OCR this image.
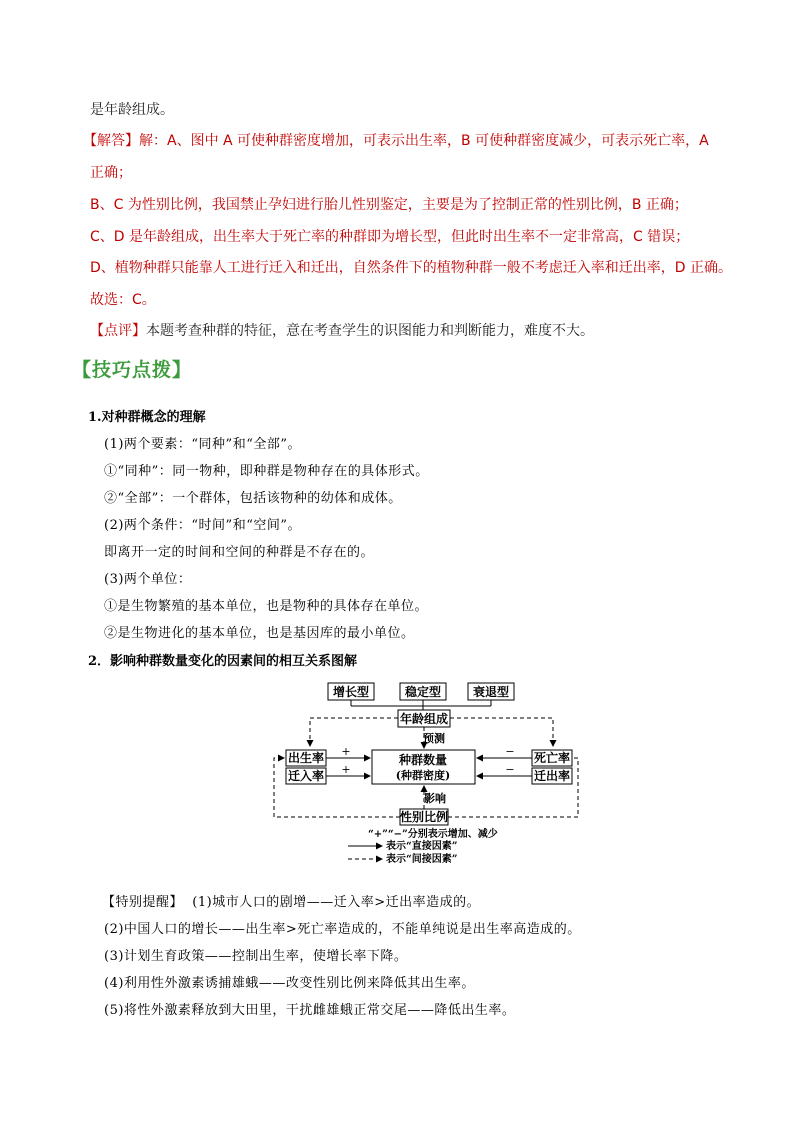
是年龄组成。
【解答】解：A、图中 A 可使种群密度增加，可表示出生率，B 可使种群密度减少，可表示死亡率，A
正确；
B、C 为性别比例，我国禁止孕妇进行胎儿性别鉴定，主要是为了控制正常的性别比例，B 正确；
C、D 是年龄组成，出生率大于死亡率的种群即为增长型，但此时出生率不一定非常高，C 错误；
D、植物种群只能靠人工进行迁入和迁出，自然条件下的植物种群一般不考虑迁入率和迁出率，D 正确。
故选：C。
【点评】本题考查种群的特征，意在考查学生的识图能力和判断能力，难度不大。
【技巧点拨】
1.对种群概念的理解
(1)两个要素：“同种”和“全部”。
①“同种”：同一物种，即种群是物种存在的具体形式。
②“全部”：一个群体，包括该物种的幼体和成体。
(2)两个条件：“时间”和“空间”。
即离开一定的时间和空间的种群是不存在的。
(3)两个单位：
①是生物繁殖的基本单位，也是物种的具体存在单位。
②是生物进化的基本单位，也是基因库的最小单位。
2．影响种群数量变化的因素间的相互关系图解
增长型	稳定型	衰退型
年龄组成
预测
出生率
迁入率
种群数量
(种群密度)
死亡率
迁出率
+
+
−
−
影响
性别比例
“+”“−”分别表示增加、减少
表示“直接因素”
表示“间接因素”
【特别提醒】 (1)城市人口的剧增——迁入率>迁出率造成的。
(2)中国人口的增长——出生率>死亡率造成的，不能单纯说是出生率高造成的。
(3)计划生育政策——控制出生率，使增长率下降。
(4)利用性外激素诱捕雄蛾——改变性别比例来降低其出生率。
(5)将性外激素释放到大田里，干扰雌雄蛾正常交尾——降低出生率。
